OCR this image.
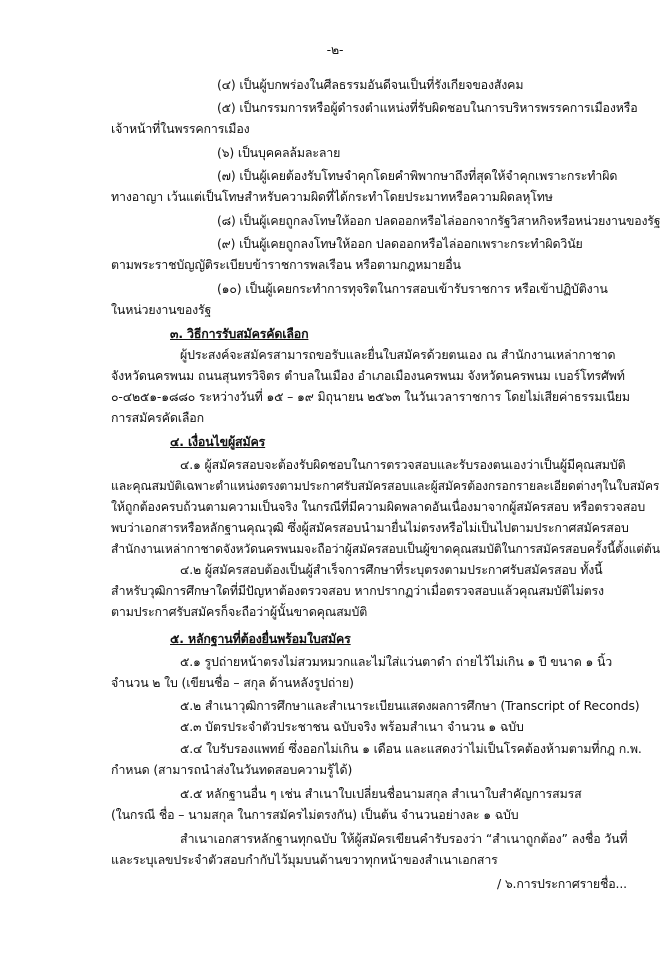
-๒-
(๔) เป็นผู้บกพร่องในศีลธรรมอันดีจนเป็นที่รังเกียจของสังคม
(๕) เป็นกรรมการหรือผู้ดำรงตำแหน่งที่รับผิดชอบในการบริหารพรรคการเมืองหรือ
เจ้าหน้าที่ในพรรคการเมือง
(๖) เป็นบุคคลล้มละลาย
(๗) เป็นผู้เคยต้องรับโทษจำคุกโดยคำพิพากษาถึงที่สุดให้จำคุกเพราะกระทำผิด
ทางอาญา เว้นแต่เป็นโทษสำหรับความผิดที่ได้กระทำโดยประมาทหรือความผิดลหุโทษ
(๘) เป็นผู้เคยถูกลงโทษให้ออก ปลดออกหรือไล่ออกจากรัฐวิสาหกิจหรือหน่วยงานของรัฐ
(๙) เป็นผู้เคยถูกลงโทษให้ออก ปลดออกหรือไล่ออกเพราะกระทำผิดวินัย
ตามพระราชบัญญัติระเบียบข้าราชการพลเรือน หรือตามกฎหมายอื่น
(๑๐) เป็นผู้เคยกระทำการทุจริตในการสอบเข้ารับราชการ หรือเข้าปฏิบัติงาน
ในหน่วยงานของรัฐ
๓. วิธีการรับสมัครคัดเลือก
ผู้ประสงค์จะสมัครสามารถขอรับและยื่นใบสมัครด้วยตนเอง ณ สำนักงานเหล่ากาชาด
จังหวัดนครพนม ถนนสุนทรวิจิตร ตำบลในเมือง อำเภอเมืองนครพนม จังหวัดนครพนม เบอร์โทรศัพท์
๐-๔๒๕๑-๑๘๘๐ ระหว่างวันที่ ๑๕ – ๑๙ มิถุนายน ๒๕๖๓ ในวันเวลาราชการ โดยไม่เสียค่าธรรมเนียม
การสมัครคัดเลือก
๔. เงื่อนไขผู้สมัคร
๔.๑ ผู้สมัครสอบจะต้องรับผิดชอบในการตรวจสอบและรับรองตนเองว่าเป็นผู้มีคุณสมบัติ
และคุณสมบัติเฉพาะตำแหน่งตรงตามประกาศรับสมัครสอบและผู้สมัครต้องกรอกรายละเอียดต่างๆในใบสมัคร
ให้ถูกต้องครบถ้วนตามความเป็นจริง ในกรณีที่มีความผิดพลาดอันเนื่องมาจากผู้สมัครสอบ หรือตรวจสอบ
พบว่าเอกสารหรือหลักฐานคุณวุฒิ ซึ่งผู้สมัครสอบนำมายื่นไม่ตรงหรือไม่เป็นไปตามประกาศสมัครสอบ
สำนักงานเหล่ากาชาดจังหวัดนครพนมจะถือว่าผู้สมัครสอบเป็นผู้ขาดคุณสมบัติในการสมัครสอบครั้งนี้ตั้งแต่ต้น
๔.๒ ผู้สมัครสอบต้องเป็นผู้สำเร็จการศึกษาที่ระบุตรงตามประกาศรับสมัครสอบ ทั้งนี้
สำหรับวุฒิการศึกษาใดที่มีปัญหาต้องตรวจสอบ หากปรากฏว่าเมื่อตรวจสอบแล้วคุณสมบัติไม่ตรง
ตามประกาศรับสมัครก็จะถือว่าผู้นั้นขาดคุณสมบัติ
๕. หลักฐานที่ต้องยื่นพร้อมใบสมัคร
๕.๑ รูปถ่ายหน้าตรงไม่สวมหมวกและไม่ใส่แว่นตาดำ ถ่ายไว้ไม่เกิน ๑ ปี ขนาด ๑ นิ้ว
จำนวน ๒ ใบ (เขียนชื่อ – สกุล ด้านหลังรูปถ่าย)
๕.๒ สำเนาวุฒิการศึกษาและสำเนาระเบียนแสดงผลการศึกษา (Transcript of Reconds)
๕.๓ บัตรประจำตัวประชาชน ฉบับจริง พร้อมสำเนา จำนวน ๑ ฉบับ
๕.๔ ใบรับรองแพทย์ ซึ่งออกไม่เกิน ๑ เดือน และแสดงว่าไม่เป็นโรคต้องห้ามตามที่กฎ ก.พ.
กำหนด (สามารถนำส่งในวันทดสอบความรู้ได้)
๕.๕ หลักฐานอื่น ๆ เช่น สำเนาใบเปลี่ยนชื่อนามสกุล สำเนาใบสำคัญการสมรส
(ในกรณี ชื่อ – นามสกุล ในการสมัครไม่ตรงกัน) เป็นต้น จำนวนอย่างละ ๑ ฉบับ
สำเนาเอกสารหลักฐานทุกฉบับ ให้ผู้สมัครเขียนคำรับรองว่า “สำเนาถูกต้อง” ลงชื่อ วันที่
และระบุเลขประจำตัวสอบกำกับไว้มุมบนด้านขวาทุกหน้าของสำเนาเอกสาร
/ ๖.การประกาศรายชื่อ...
